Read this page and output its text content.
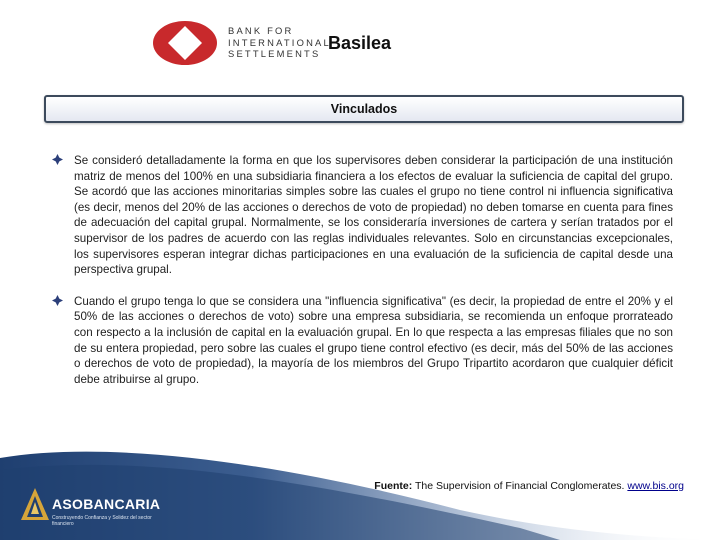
BANK FOR
INTERNATIONAL
SETTLEMENTS
Basilea
Vinculados
Se consideró detalladamente la forma en que los supervisores deben considerar la participación de una institución matriz de menos del 100% en una subsidiaria financiera a los efectos de evaluar la suficiencia de capital del grupo. Se acordó que las acciones minoritarias simples sobre las cuales el grupo no tiene control ni influencia significativa (es decir, menos del 20% de las acciones o derechos de voto de propiedad) no deben tomarse en cuenta para fines de adecuación del capital grupal. Normalmente, se los consideraría inversiones de cartera y serían tratados por el supervisor de los padres de acuerdo con las reglas individuales relevantes. Solo en circunstancias excepcionales, los supervisores esperan integrar dichas participaciones en una evaluación de la suficiencia de capital desde una perspectiva grupal.
Cuando el grupo tenga lo que se considera una "influencia significativa" (es decir, la propiedad de entre el 20% y el 50% de las acciones o derechos de voto) sobre una empresa subsidiaria, se recomienda un enfoque prorrateado con respecto a la inclusión de capital en la evaluación grupal. En lo que respecta a las empresas filiales que no son de su entera propiedad, pero sobre las cuales el grupo tiene control efectivo (es decir, más del 50% de las acciones o derechos de voto de propiedad), la mayoría de los miembros del Grupo Tripartito acordaron que cualquier déficit debe atribuirse al grupo.
Fuente: The Supervision of Financial Conglomerates. www.bis.org
ASOBANCARIA
Construyendo Confianza y Solidez del sector financiero
